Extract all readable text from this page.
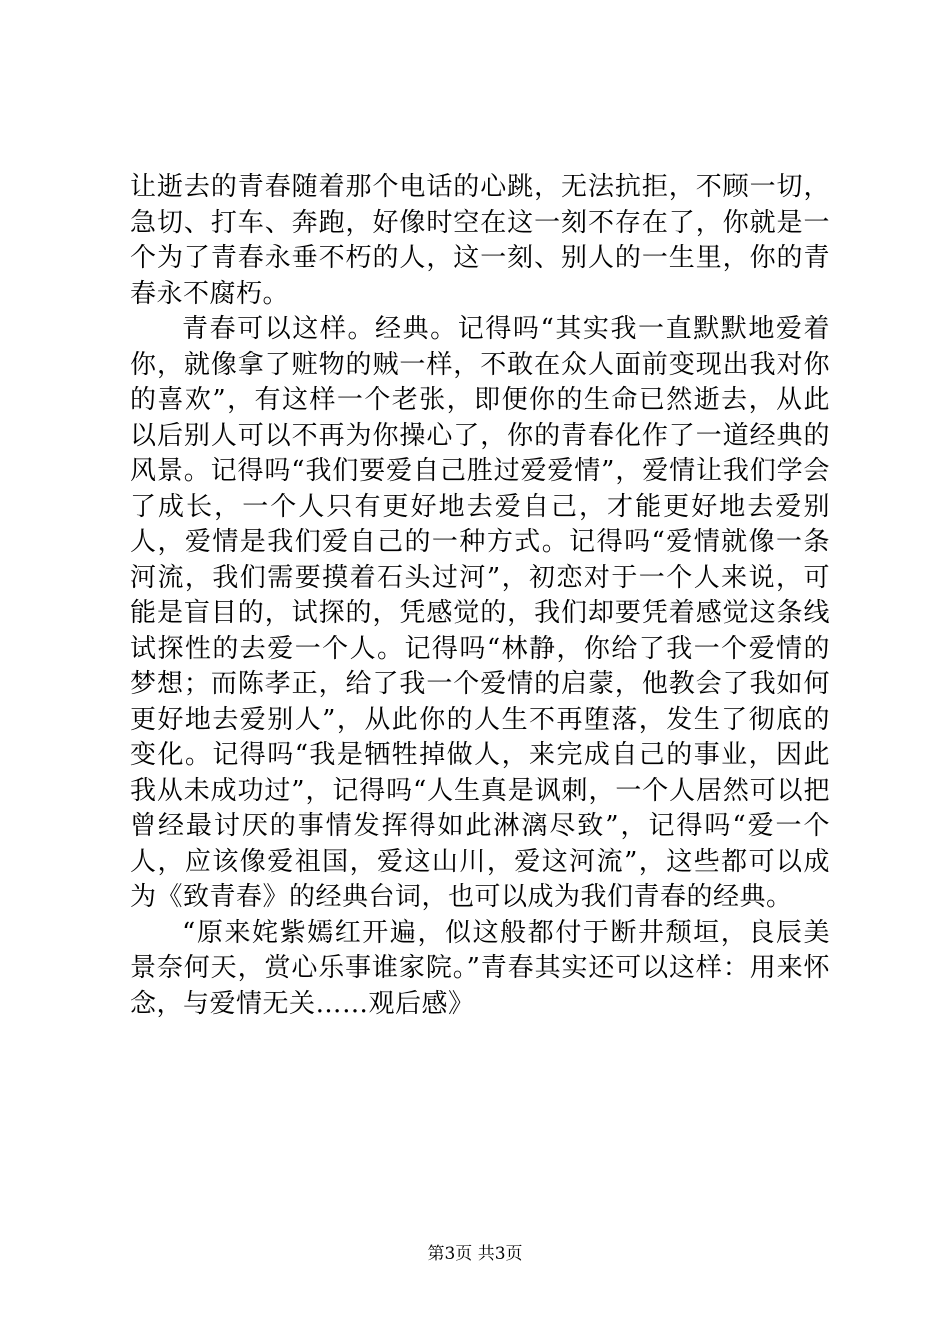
让逝去的青春随着那个电话的心跳，无法抗拒，不顾一切，急切、打车、奔跑，好像时空在这一刻不存在了，你就是一个为了青春永垂不朽的人，这一刻、别人的一生里，你的青春永不腐朽。

青春可以这样。经典。记得吗“其实我一直默默地爱着你，就像拿了赃物的贼一样，不敢在众人面前变现出我对你的喜欢”，有这样一个老张，即便你的生命已然逝去，从此以后别人可以不再为你操心了，你的青春化作了一道经典的风景。记得吗“我们要爱自己胜过爱爱情”，爱情让我们学会了成长，一个人只有更好地去爱自己，才能更好地去爱别人，爱情是我们爱自己的一种方式。记得吗“爱情就像一条河流，我们需要摸着石头过河”，初恋对于一个人来说，可能是盲目的，试探的，凭感觉的，我们却要凭着感觉这条线试探性的去爱一个人。记得吗“林静，你给了我一个爱情的梦想；而陈孝正，给了我一个爱情的启蒙，他教会了我如何更好地去爱别人”，从此你的人生不再堕落，发生了彻底的变化。记得吗“我是牺牲掉做人，来完成自己的事业，因此我从未成功过”，记得吗“人生真是讽刺，一个人居然可以把曾经最讨厌的事情发挥得如此淋漓尽致”，记得吗“爱一个人，应该像爱祖国，爱这山川，爱这河流”，这些都可以成为《致青春》的经典台词，也可以成为我们青春的经典。

“原来姹紫嫣红开遍，似这般都付于断井颓垣，良辰美景奈何天，赏心乐事谁家院。”青春其实还可以这样：用来怀念，与爱情无关……观后感》

第3页 共3页
